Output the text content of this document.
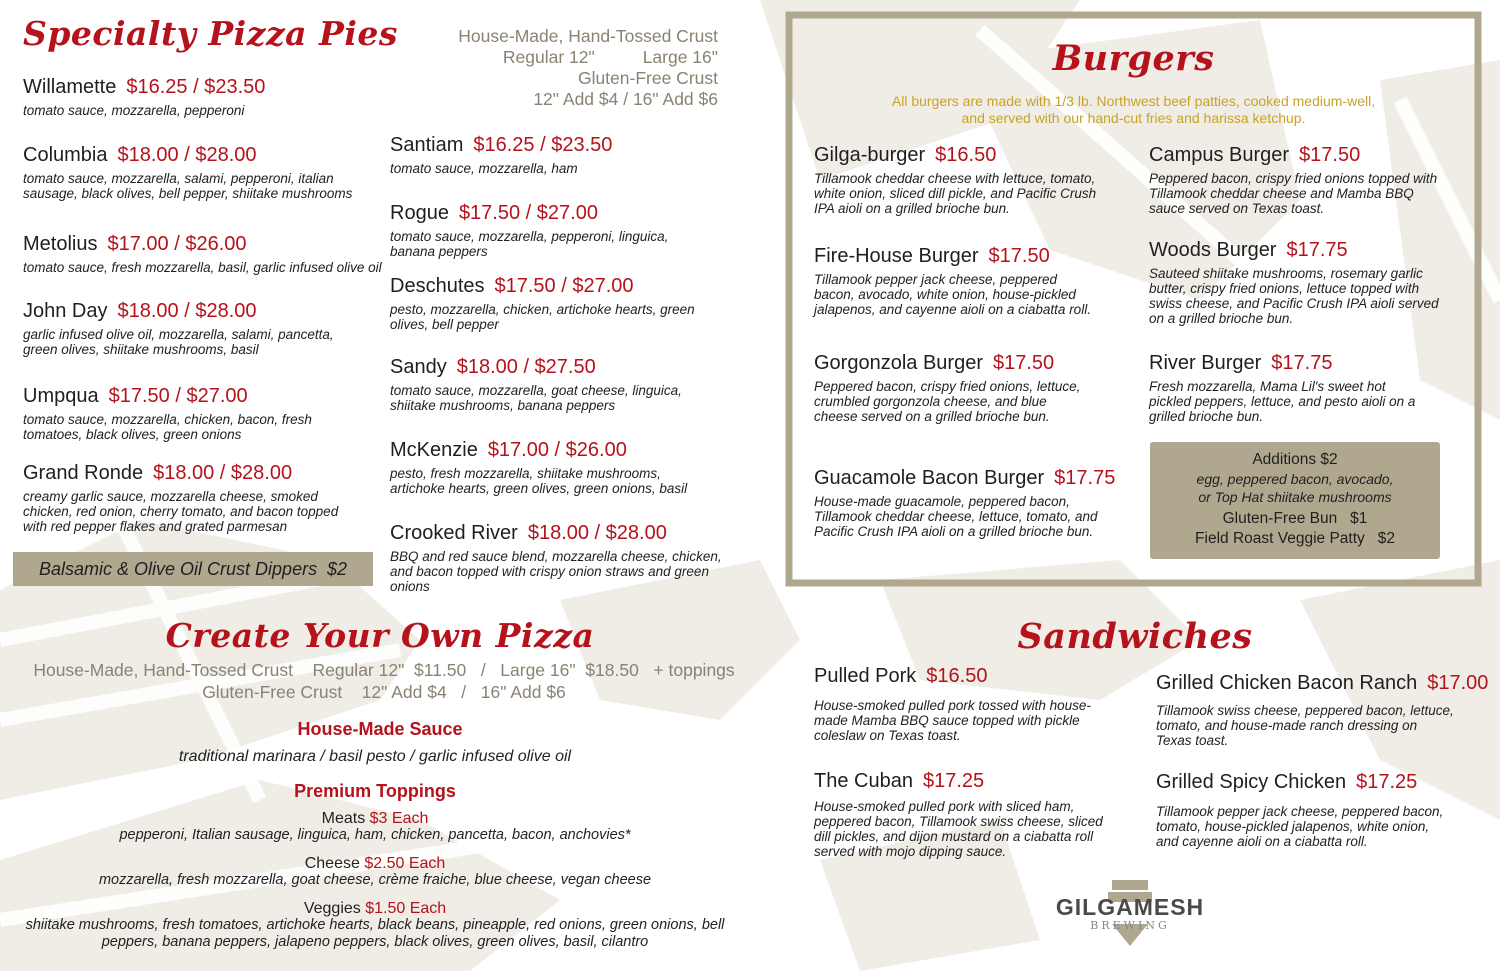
Specialty Pizza Pies	House-Made, Hand-Tossed Crust
Regular 12"	Large 16"
Gluten-Free Crust
12" Add $4 / 16" Add $6
Willamette $16.25 / $23.50
tomato sauce, mozzarella, pepperoni
Columbia $18.00 / $28.00
tomato sauce, mozzarella, salami, pepperoni, italian sausage, black olives, bell pepper, shiitake mushrooms
Metolius $17.00 / $26.00
tomato sauce, fresh mozzarella, basil, garlic infused olive oil
John Day $18.00 / $28.00
garlic infused olive oil, mozzarella, salami, pancetta, green olives, shiitake mushrooms, basil
Umpqua $17.50 / $27.00
tomato sauce, mozzarella, chicken, bacon, fresh tomatoes, black olives, green onions
Grand Ronde $18.00 / $28.00
creamy garlic sauce, mozzarella cheese, smoked chicken, red onion, cherry tomato, and bacon topped with red pepper flakes and grated parmesan
Santiam $16.25 / $23.50
tomato sauce, mozzarella, ham
Rogue $17.50 / $27.00
tomato sauce, mozzarella, pepperoni, linguica, banana peppers
Deschutes $17.50 / $27.00
pesto, mozzarella, chicken, artichoke hearts, green olives, bell pepper
Sandy $18.00 / $27.50
tomato sauce, mozzarella, goat cheese, linguica, shiitake mushrooms, banana peppers
McKenzie $17.00 / $26.00
pesto, fresh mozzarella, shiitake mushrooms, artichoke hearts, green olives, green onions, basil
Crooked River $18.00 / $28.00
BBQ and red sauce blend, mozzarella cheese, chicken, and bacon topped with crispy onion straws and green onions
Balsamic & Olive Oil Crust Dippers $2
Create Your Own Pizza
House-Made, Hand-Tossed Crust    Regular 12"  $11.50   /   Large 16"  $18.50   + toppings
Gluten-Free Crust    12" Add $4   /   16" Add $6
House-Made Sauce
traditional marinara / basil pesto / garlic infused olive oil
Premium Toppings
Meats $3 Each
pepperoni, Italian sausage, linguica, ham, chicken, pancetta, bacon, anchovies*
Cheese $2.50 Each
mozzarella, fresh mozzarella, goat cheese, crème fraiche, blue cheese, vegan cheese
Veggies $1.50 Each
shiitake mushrooms, fresh tomatoes, artichoke hearts, black beans, pineapple, red onions, green onions, bell
peppers, banana peppers, jalapeno peppers, black olives, green olives, basil, cilantro
Burgers
All burgers are made with 1/3 lb. Northwest beef patties, cooked medium-well,
and served with our hand-cut fries and harissa ketchup.
Gilga-burger $16.50
Tillamook cheddar cheese with lettuce, tomato, white onion, sliced dill pickle, and Pacific Crush IPA aioli on a grilled brioche bun.
Fire-House Burger $17.50
Tillamook pepper jack cheese, peppered bacon, avocado, white onion, house-pickled jalapenos, and cayenne aioli on a ciabatta roll.
Gorgonzola Burger $17.50
Peppered bacon, crispy fried onions, lettuce, crumbled gorgonzola cheese, and blue cheese served on a grilled brioche bun.
Guacamole Bacon Burger $17.75
House-made guacamole, peppered bacon, Tillamook cheddar cheese, lettuce, tomato, and Pacific Crush IPA aioli on a grilled brioche bun.
Campus Burger $17.50
Peppered bacon, crispy fried onions topped with Tillamook cheddar cheese and Mamba BBQ sauce served on Texas toast.
Woods Burger $17.75
Sauteed shiitake mushrooms, rosemary garlic butter, crispy fried onions, lettuce topped with swiss cheese, and Pacific Crush IPA aioli served on a grilled brioche bun.
River Burger $17.75
Fresh mozzarella, Mama Lil's sweet hot pickled peppers, lettuce, and pesto aioli on a grilled brioche bun.
Additions $2
egg, peppered bacon, avocado,
or Top Hat shiitake mushrooms
Gluten-Free Bun   $1
Field Roast Veggie Patty   $2
Sandwiches
Pulled Pork $16.50
House-smoked pulled pork tossed with house-made Mamba BBQ sauce topped with pickle coleslaw on Texas toast.
The Cuban $17.25
House-smoked pulled pork with sliced ham, peppered bacon, Tillamook swiss cheese, sliced dill pickles, and dijon mustard on a ciabatta roll served with mojo dipping sauce.
Grilled Chicken Bacon Ranch $17.00
Tillamook swiss cheese, peppered bacon, lettuce, tomato, and house-made ranch dressing on Texas toast.
Grilled Spicy Chicken $17.25
Tillamook pepper jack cheese, peppered bacon, tomato, house-pickled jalapenos, white onion, and cayenne aioli on a ciabatta roll.
GILGAMESH
BREWING
